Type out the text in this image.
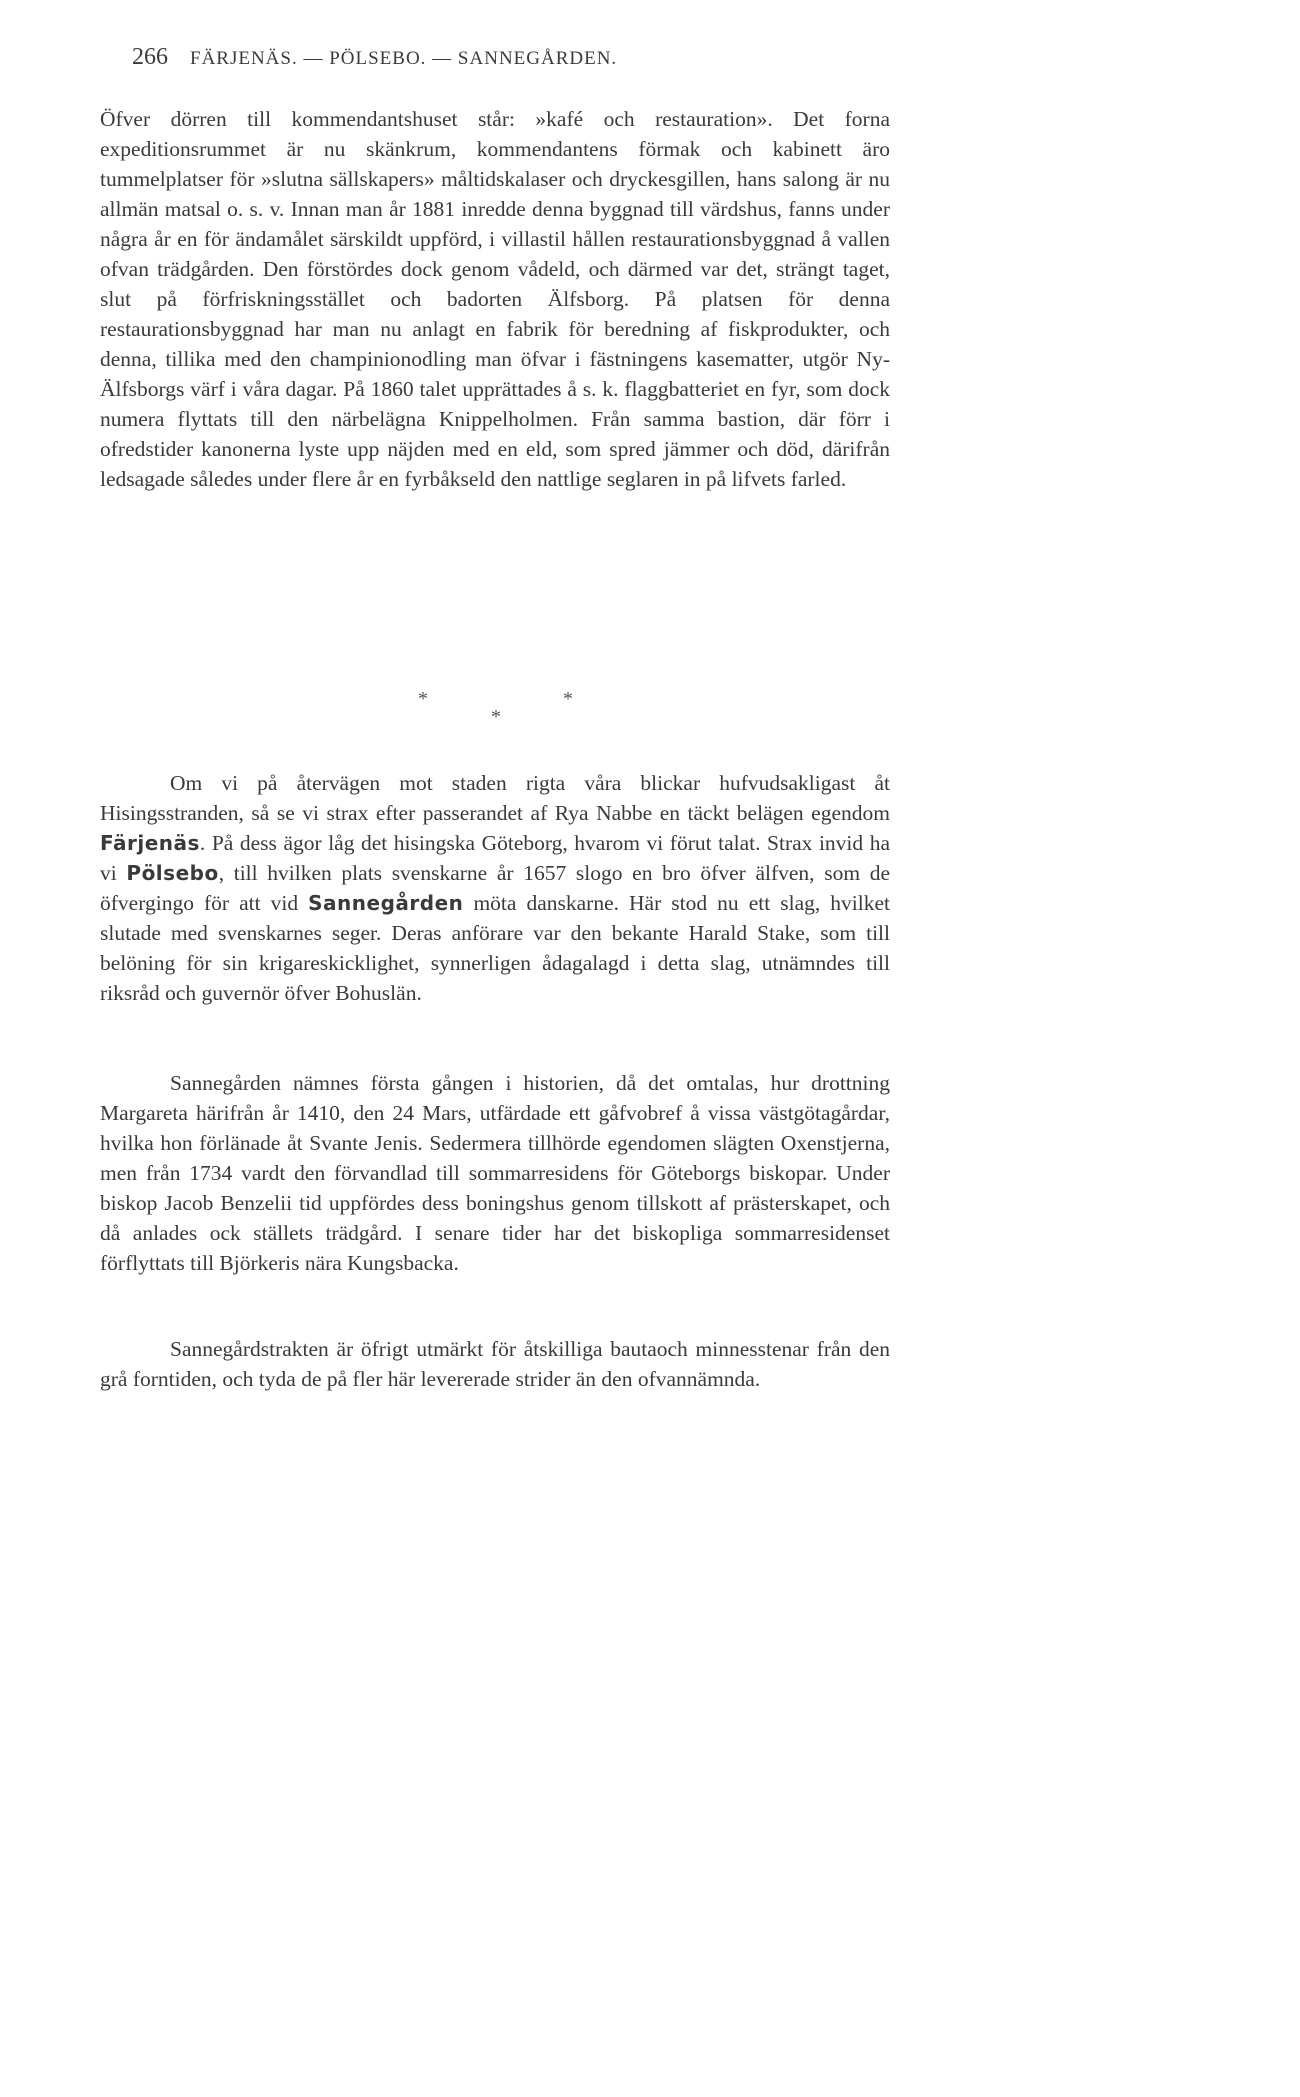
266 FÄRJENÄS. — PÖLSEBO. — SANNEGÅRDEN.

Öfver dörren till kommendantshuset står: »kafé och restauration». Det forna expeditionsrummet är nu skänkrum, kommendantens förmak och kabinett äro tummelplatser för »slutna sällskapers» måltidskalaser och dryckesgillen, hans salong är nu allmän matsal o. s. v. Innan man år 1881 inredde denna byggnad till värdshus, fanns under några år en för ändamålet särskildt uppförd, i villastil hållen restaurationsbyggnad å vallen ofvan trädgården. Den förstördes dock genom vådeld, och därmed var det, strängt taget, slut på förfriskningsstället och badorten Älfsborg. På platsen för denna restaurationsbyggnad har man nu anlagt en fabrik för beredning af fiskprodukter, och denna, tillika med den champinionodling man öfvar i fästningens kasematter, utgör Ny-Älfsborgs värf i våra dagar. På 1860 talet upprättades å s. k. flaggbatteriet en fyr, som dock numera flyttats till den närbelägna Knippelholmen. Från samma bastion, där förr i ofredstider kanonerna lyste upp näjden med en eld, som spred jämmer och död, därifrån ledsagade således under flere år en fyrbåkseld den nattlige seglaren in på lifvets farled.

*	*
*

Om vi på återvägen mot staden rigta våra blickar hufvudsakligast åt Hisingsstranden, så se vi strax efter passerandet af Rya Nabbe en täckt belägen egendom Färjenäs. På dess ägor låg det hisingska Göteborg, hvarom vi förut talat. Strax invid ha vi Pölsebo, till hvilken plats svenskarne år 1657 slogo en bro öfver älfven, som de öfvergingo för att vid Sannegården möta danskarne. Här stod nu ett slag, hvilket slutade med svenskarnes seger. Deras anförare var den bekante Harald Stake, som till belöning för sin krigareskicklighet, synnerligen ådagalagd i detta slag, utnämndes till riksråd och guvernör öfver Bohuslän.

Sannegården nämnes första gången i historien, då det omtalas, hur drottning Margareta härifrån år 1410, den 24 Mars, utfärdade ett gåfvobref å vissa västgötagårdar, hvilka hon förlänade åt Svante Jenis. Sedermera tillhörde egendomen slägten Oxenstjerna, men från 1734 vardt den förvandlad till sommarresidens för Göteborgs biskopar. Under biskop Jacob Benzelii tid uppfördes dess boningshus genom tillskott af prästerskapet, och då anlades ock ställets trädgård. I senare tider har det biskopliga sommarresidenset förflyttats till Björkeris nära Kungsbacka.

Sannegårdstrakten är öfrigt utmärkt för åtskilliga bautaoch minnesstenar från den grå forntiden, och tyda de på fler här levererade strider än den ofvannämnda.
